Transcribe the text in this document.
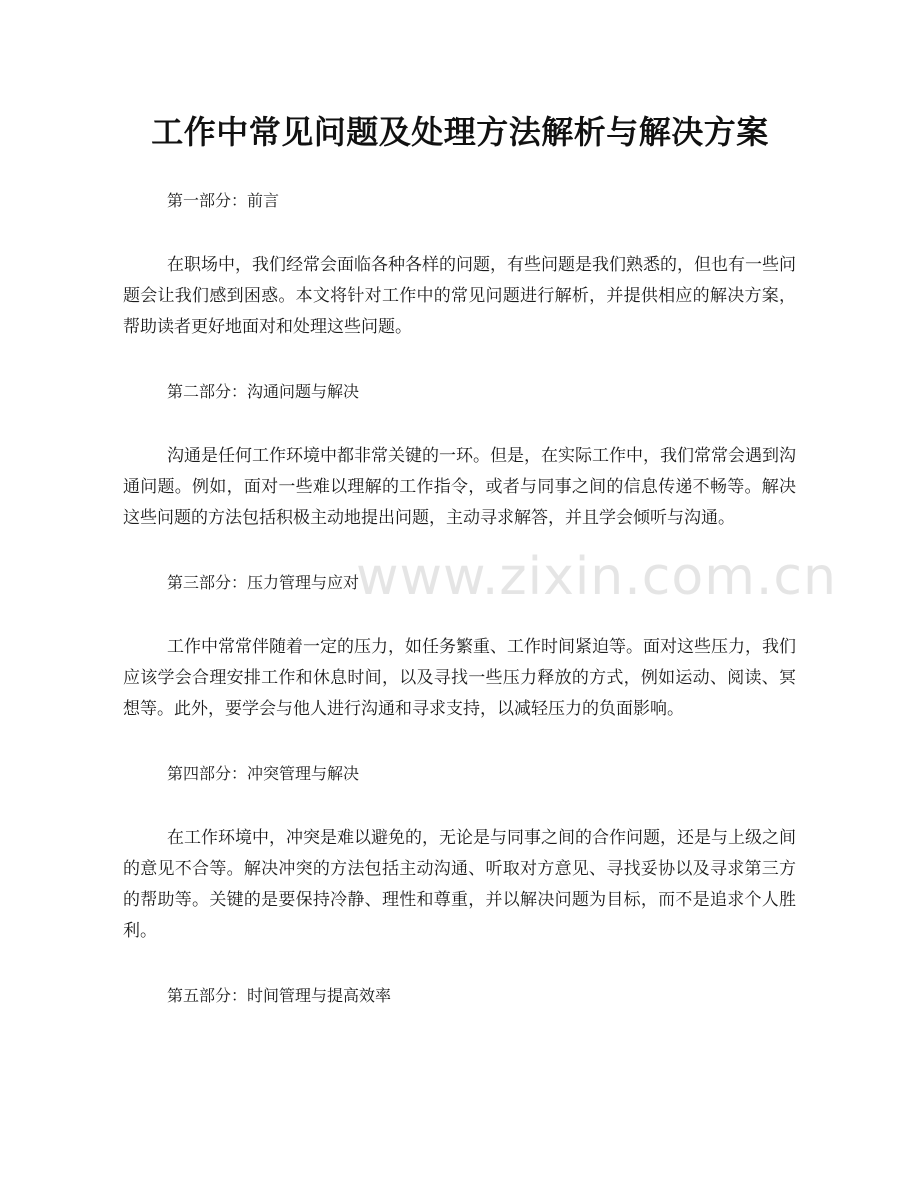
工作中常见问题及处理方法解析与解决方案

第一部分：前言

在职场中，我们经常会面临各种各样的问题，有些问题是我们熟悉的，但也有一些问题会让我们感到困惑。本文将针对工作中的常见问题进行解析，并提供相应的解决方案，帮助读者更好地面对和处理这些问题。

第二部分：沟通问题与解决

沟通是任何工作环境中都非常关键的一环。但是，在实际工作中，我们常常会遇到沟通问题。例如，面对一些难以理解的工作指令，或者与同事之间的信息传递不畅等。解决这些问题的方法包括积极主动地提出问题，主动寻求解答，并且学会倾听与沟通。

第三部分：压力管理与应对

工作中常常伴随着一定的压力，如任务繁重、工作时间紧迫等。面对这些压力，我们应该学会合理安排工作和休息时间，以及寻找一些压力释放的方式，例如运动、阅读、冥想等。此外，要学会与他人进行沟通和寻求支持，以减轻压力的负面影响。

第四部分：冲突管理与解决

在工作环境中，冲突是难以避免的，无论是与同事之间的合作问题，还是与上级之间的意见不合等。解决冲突的方法包括主动沟通、听取对方意见、寻找妥协以及寻求第三方的帮助等。关键的是要保持冷静、理性和尊重，并以解决问题为目标，而不是追求个人胜利。

第五部分：时间管理与提高效率

www.zixin.com.cn
